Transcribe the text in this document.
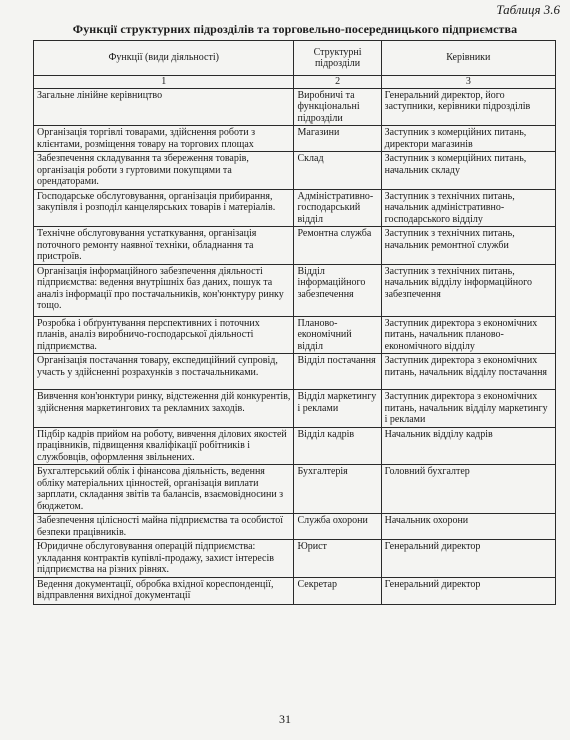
Таблиця 3.6
Функції структурних підрозділів та торговельно-посередницького підприємства
Функції (види діяльності)	Структурні підрозділи	Керівники
1	2	3
Загальне лінійне керівництво	Виробничі та функціональні підрозділи	Генеральний директор, його заступники, керівники підрозділів
Організація торгівлі товарами, здійснення роботи з клієнтами, розміщення товару на торгових площах	Магазини	Заступник з комерційних питань, директори магазинів
Забезпечення складування та збереження товарів, організація роботи з гуртовими покупцями та орендаторами.	Склад	Заступник з комерційних питань, начальник складу
Господарське обслуговування, організація прибирання, закупівля і розподіл канцелярських товарів і матеріалів.	Адміністративно-господарський відділ	Заступник з технічних питань, начальник адміністративно-господарського відділу
Технічне обслуговування устаткування, організація поточного ремонту наявної техніки, обладнання та пристроїв.	Ремонтна служба	Заступник з технічних питань, начальник ремонтної служби
Організація інформаційного забезпечення діяльності підприємства: ведення внутрішніх баз даних, пошук та аналіз інформації про постачальників, кон'юнктуру ринку тощо.	Відділ інформаційного забезпечення	Заступник з технічних питань, начальник відділу інформаційного забезпечення
Розробка і обґрунтування перспективних і поточних планів, аналіз виробничо-господарської діяльності підприємства.	Планово-економічний відділ	Заступник директора з економічних питань, начальник планово-економічного відділу
Організація постачання товару, експедиційний супровід, участь у здійсненні розрахунків з постачальниками.	Відділ постачання	Заступник директора з економічних питань, начальник відділу постачання
Вивчення кон'юнктури ринку, відстеження дій конкурентів, здійснення маркетингових та рекламних заходів.	Відділ маркетингу і реклами	Заступник директора з економічних питань, начальник відділу маркетингу і реклами
Підбір кадрів прийом на роботу, вивчення ділових якостей працівників, підвищення кваліфікації робітників і службовців, оформлення звільнених.	Відділ кадрів	Начальник відділу кадрів
Бухгалтерський облік і фінансова діяльність, ведення обліку матеріальних цінностей, організація виплати зарплати, складання звітів та балансів, взаємовідносини з бюджетом.	Бухгалтерія	Головний бухгалтер
Забезпечення цілісності майна підприємства та особистої безпеки працівників.	Служба охорони	Начальник охорони
Юридичне обслуговування операцій підприємства: укладання контрактів купівлі-продажу, захист інтересів підприємства на різних рівнях.	Юрист	Генеральний директор
Ведення документації, обробка вхідної кореспонденції, відправлення вихідної документації	Секретар	Генеральний директор
31
